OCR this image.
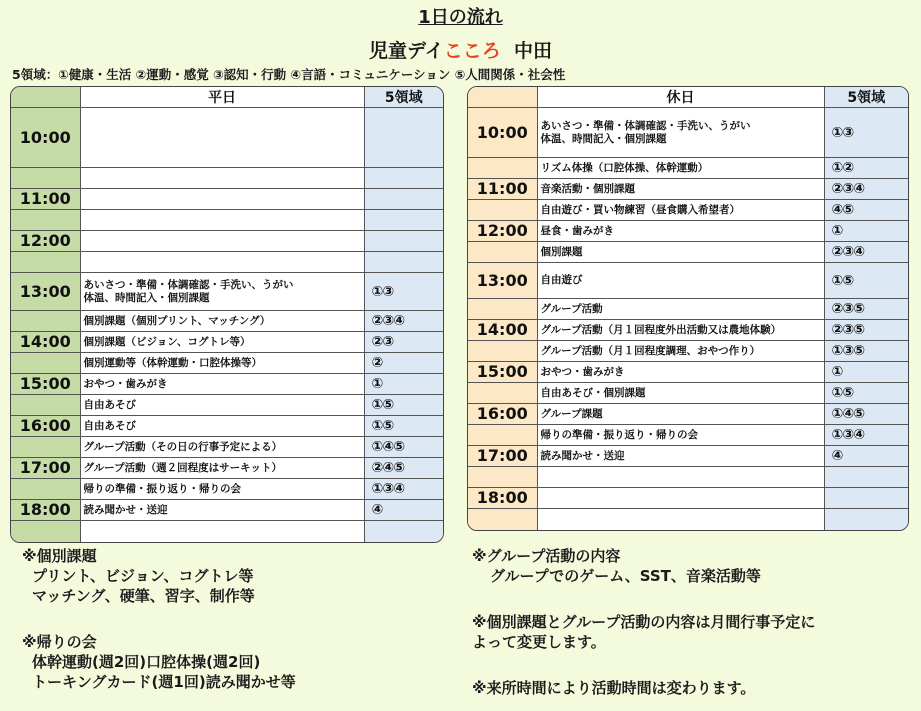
1日の流れ
児童デイこころ 中田
5領域：①健康・生活 ②運動・感覚 ③認知・行動 ④言語・コミュニケーション ⑤人間関係・社会性
	平日	5領域
10:00		

11:00		

12:00		

13:00	あいさつ・準備・体調確認・手洗い、うがい
体温、時間記入・個別課題	①③
	個別課題（個別プリント、マッチング）	②③④
14:00	個別課題（ビジョン、コグトレ等）	②③
	個別運動等（体幹運動・口腔体操等）	②
15:00	おやつ・歯みがき	①
	自由あそび	①⑤
16:00	自由あそび	①⑤
	グループ活動（その日の行事予定による）	①④⑤
17:00	グループ活動（週２回程度はサーキット）	②④⑤
	帰りの準備・振り返り・帰りの会	①③④
18:00	読み聞かせ・送迎	④

	休日	5領域
10:00	あいさつ・準備・体調確認・手洗い、うがい
体温、時間記入・個別課題	①③
	リズム体操（口腔体操、体幹運動）	①②
11:00	音楽活動・個別課題	②③④
	自由遊び・買い物練習（昼食購入希望者）	④⑤
12:00	昼食・歯みがき	①
	個別課題	②③④
13:00	自由遊び	①⑤
	グループ活動	②③⑤
14:00	グループ活動（月１回程度外出活動又は農地体験）	②③⑤
	グループ活動（月１回程度調理、おやつ作り）	①③⑤
15:00	おやつ・歯みがき	①
	自由あそび・個別課題	①⑤
16:00	グループ課題	①④⑤
	帰りの準備・振り返り・帰りの会	①③④
17:00	読み聞かせ・送迎	④

18:00		

※個別課題
プリント、ビジョン、コグトレ等
マッチング、硬筆、習字、制作等
※帰りの会
体幹運動(週2回)口腔体操(週2回)
トーキングカード(週1回)読み聞かせ等
※グループ活動の内容
グループでのゲーム、SST、音楽活動等
※個別課題とグループ活動の内容は月間行事予定に
よって変更します。
※来所時間により活動時間は変わります。
